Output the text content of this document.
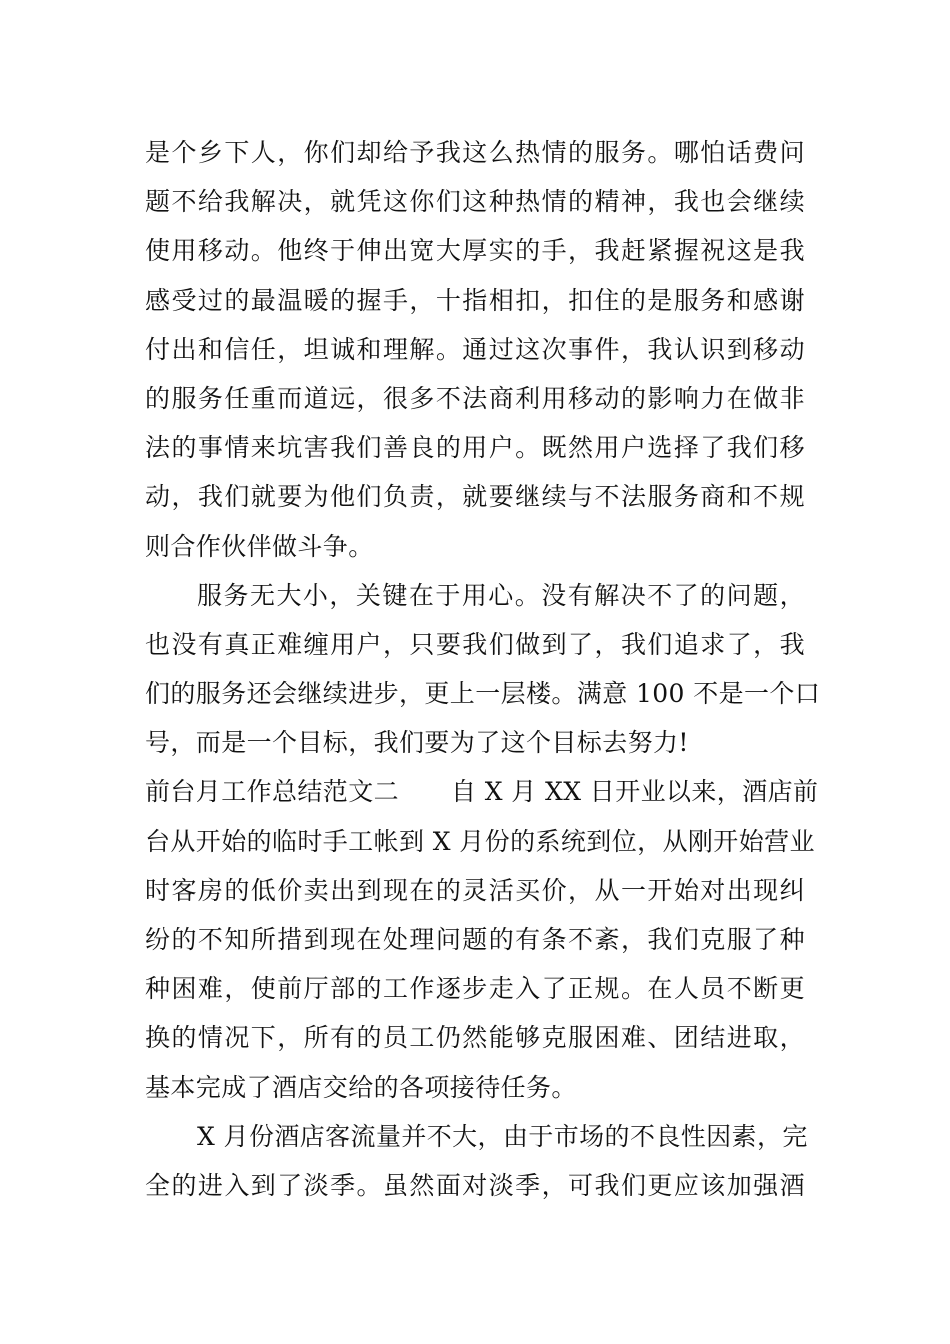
是个乡下人，你们却给予我这么热情的服务。哪怕话费问
题不给我解决，就凭这你们这种热情的精神，我也会继续
使用移动。他终于伸出宽大厚实的手，我赶紧握祝这是我
感受过的最温暖的握手，十指相扣，扣住的是服务和感谢
付出和信任，坦诚和理解。通过这次事件，我认识到移动
的服务任重而道远，很多不法商利用移动的影响力在做非
法的事情来坑害我们善良的用户。既然用户选择了我们移
动，我们就要为他们负责，就要继续与不法服务商和不规
则合作伙伴做斗争。
服务无大小，关键在于用心。没有解决不了的问题，
也没有真正难缠用户，只要我们做到了，我们追求了，我
们的服务还会继续进步，更上一层楼。满意 100 不是一个口
号，而是一个目标，我们要为了这个目标去努力!
前台月工作总结范文二 自 X 月 XX 日开业以来，酒店前
台从开始的临时手工帐到 X 月份的系统到位，从刚开始营业
时客房的低价卖出到现在的灵活买价，从一开始对出现纠
纷的不知所措到现在处理问题的有条不紊，我们克服了种
种困难，使前厅部的工作逐步走入了正规。在人员不断更
换的情况下，所有的员工仍然能够克服困难、团结进取，
基本完成了酒店交给的各项接待任务。
X 月份酒店客流量并不大，由于市场的不良性因素，完
全的进入到了淡季。虽然面对淡季，可我们更应该加强酒
